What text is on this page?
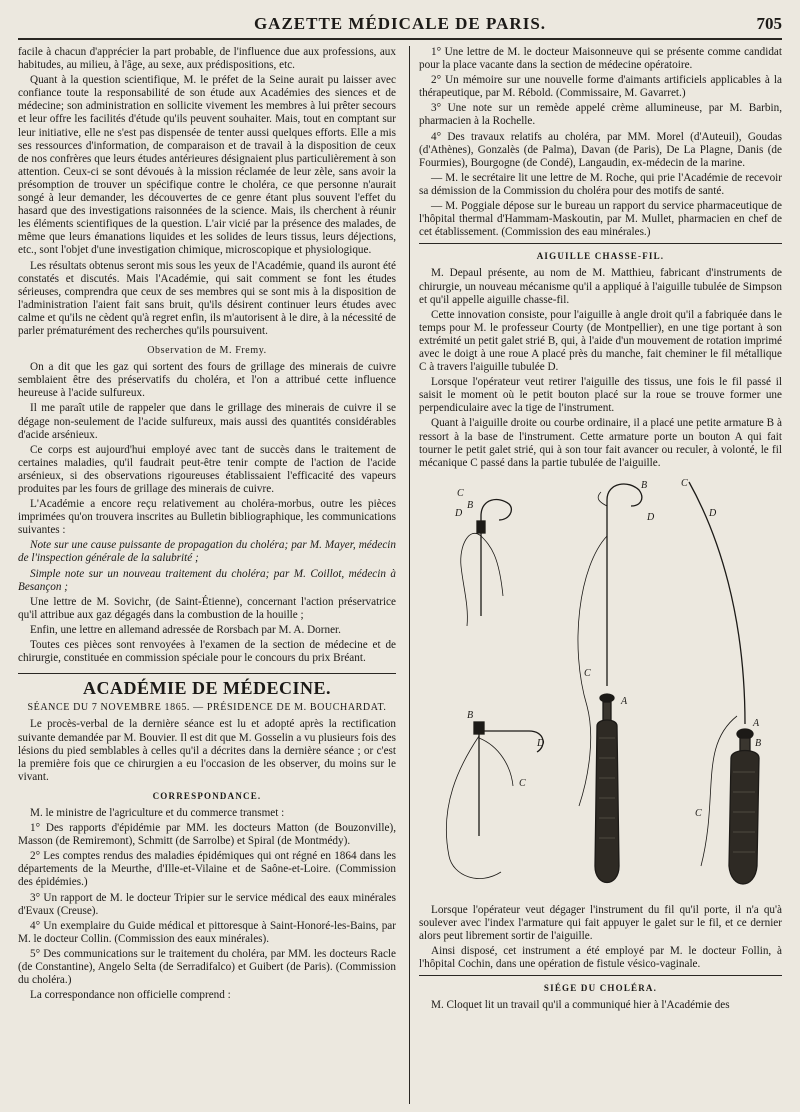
GAZETTE MÉDICALE DE PARIS.	705

facile à chacun d'apprécier la part probable, de l'influence due aux professions, aux habitudes, au milieu, à l'âge, au sexe, aux prédispositions, etc.

Quant à la question scientifique, M. le préfet de la Seine aurait pu laisser avec confiance toute la responsabilité de son étude aux Académies des siences et de médecine; son administration en sollicite vivement les membres à lui prêter secours et leur offre les facilités d'étude qu'ils peuvent souhaiter. Mais, tout en comptant sur leur initiative, elle ne s'est pas dispensée de tenter aussi quelques efforts. Elle a mis ses ressources d'information, de comparaison et de travail à la disposition de ceux de nos confrères que leurs études antérieures désignaient plus particulièrement à son attention. Ceux-ci se sont dévoués à la mission réclamée de leur zèle, sans avoir la présomption de trouver un spécifique contre le choléra, ce que personne n'aurait songé à leur demander, les découvertes de ce genre étant plus souvent l'effet du hasard que des investigations raisonnées de la science. Mais, ils cherchent à réunir les éléments scientifiques de la question. L'air vicié par la présence des malades, de même que leurs émanations liquides et les solides de leurs tissus, leurs déjections, etc., sont l'objet d'une investigation chimique, microscopique et physiologique.

Les résultats obtenus seront mis sous les yeux de l'Académie, quand ils auront été constatés et discutés. Mais l'Académie, qui sait comment se font les études sérieuses, comprendra que ceux de ses membres qui se sont mis à la disposition de l'administration l'aient fait sans bruit, qu'ils désirent continuer leurs études avec calme et qu'ils ne cèdent qu'à regret enfin, ils m'autorisent à le dire, à la nécessité de parler prématurément des recherches qu'ils poursuivent.

Observation de M. Fremy.

On a dit que les gaz qui sortent des fours de grillage des minerais de cuivre semblaient être des préservatifs du choléra, et l'on a attribué cette influence heureuse à l'acide sulfureux.

Il me paraît utile de rappeler que dans le grillage des minerais de cuivre il se dégage non-seulement de l'acide sulfureux, mais aussi des quantités considérables d'acide arsénieux.

Ce corps est aujourd'hui employé avec tant de succès dans le traitement de certaines maladies, qu'il faudrait peut-être tenir compte de l'action de l'acide arsénieux, si des observations rigoureuses établissaient l'efficacité des vapeurs produites par les fours de grillage des minerais de cuivre.

L'Académie a encore reçu relativement au choléra-morbus, outre les pièces imprimées qu'on trouvera inscrites au Bulletin bibliographique, les communications suivantes :

Note sur une cause puissante de propagation du choléra; par M. Mayer, médecin de l'inspection générale de la salubrité ;

Simple note sur un nouveau traitement du choléra; par M. Coillot, médecin à Besançon ;

Une lettre de M. Sovichr, (de Saint-Étienne), concernant l'action préservatrice qu'il attribue aux gaz dégagés dans la combustion de la houille ;

Enfin, une lettre en allemand adressée de Rorsbach par M. A. Dorner.

Toutes ces pièces sont renvoyées à l'examen de la section de médecine et de chirurgie, constituée en commission spéciale pour le concours du prix Bréant.

ACADÉMIE DE MÉDECINE.
SÉANCE DU 7 NOVEMBRE 1865. — PRÉSIDENCE DE M. BOUCHARDAT.

Le procès-verbal de la dernière séance est lu et adopté après la rectification suivante demandée par M. Bouvier. Il est dit que M. Gosselin a vu plusieurs fois des lésions du pied semblables à celles qu'il a décrites dans la dernière séance ; or c'est la première fois que ce chirurgien a eu l'occasion de les observer, du moins sur le vivant.

CORRESPONDANCE.

M. le ministre de l'agriculture et du commerce transmet :

1° Des rapports d'épidémie par MM. les docteurs Matton (de Bouzonville), Masson (de Remiremont), Schmitt (de Sarrolbe) et Spiral (de Montmédy).

2° Les comptes rendus des maladies épidémiques qui ont régné en 1864 dans les départements de la Meurthe, d'Ille-et-Vilaine et de Saône-et-Loire. (Commission des épidémies.)

3° Un rapport de M. le docteur Tripier sur le service médical des eaux minérales d'Evaux (Creuse).

4° Un exemplaire du Guide médical et pittoresque à Saint-Honoré-les-Bains, par M. le docteur Collin. (Commission des eaux minérales).

5° Des communications sur le traitement du choléra, par MM. les docteurs Racle (de Constantine), Angelo Selta (de Serradifalco) et Guibert (de Paris). (Commission du choléra.)

La correspondance non officielle comprend :

1° Une lettre de M. le docteur Maisonneuve qui se présente comme candidat pour la place vacante dans la section de médecine opératoire.

2° Un mémoire sur une nouvelle forme d'aimants artificiels applicables à la thérapeutique, par M. Rébold. (Commissaire, M. Gavarret.)

3° Une note sur un remède appelé crème allumineuse, par M. Barbin, pharmacien à la Rochelle.

4° Des travaux relatifs au choléra, par MM. Morel (d'Auteuil), Goudas (d'Athènes), Gonzalès (de Palma), Davan (de Paris), De La Plagne, Danis (de Fourmies), Bourgogne (de Condé), Langaudin, ex-médecin de la marine.

— M. le secrétaire lit une lettre de M. Roche, qui prie l'Académie de recevoir sa démission de la Commission du choléra pour des motifs de santé.

— M. Poggiale dépose sur le bureau un rapport du service pharmaceutique de l'hôpital thermal d'Hammam-Maskoutin, par M. Mullet, pharmacien en chef de cet établissement. (Commission des eau minérales.)

AIGUILLE CHASSE-FIL.

M. Depaul présente, au nom de M. Matthieu, fabricant d'instruments de chirurgie, un nouveau mécanisme qu'il a appliqué à l'aiguille tubulée de Simpson et qu'il appelle aiguille chasse-fil.

Cette innovation consiste, pour l'aiguille à angle droit qu'il a fabriquée dans le temps pour M. le professeur Courty (de Montpellier), en une tige portant à son extrémité un petit galet strié B, qui, à l'aide d'un mouvement de rotation imprimé avec le doigt à une roue A placé près du manche, fait cheminer le fil métallique C à travers l'aiguille tubulée D.

Lorsque l'opérateur veut retirer l'aiguille des tissus, une fois le fil passé il saisit le moment où le petit bouton placé sur la roue se trouve former une perpendiculaire avec la tige de l'instrument.

Quant à l'aiguille droite ou courbe ordinaire, il a placé une petite armature B à ressort à la base de l'instrument. Cette armature porte un bouton A qui fait tourner le petit galet strié, qui à son tour fait avancer ou reculer, à volonté, le fil mécanique C passé dans la partie tubulée de l'aiguille.

C
B
D
B
D
C
A
C
D
A
B
C
B
D
C

Lorsque l'opérateur veut dégager l'instrument du fil qu'il porte, il n'a qu'à soulever avec l'index l'armature qui fait appuyer le galet sur le fil, et ce dernier alors peut librement sortir de l'aiguille.

Ainsi disposé, cet instrument a été employé par M. le docteur Follin, à l'hôpital Cochin, dans une opération de fistule vésico-vaginale.

SIÉGE DU CHOLÉRA.

M. Cloquet lit un travail qu'il a communiqué hier à l'Académie des
